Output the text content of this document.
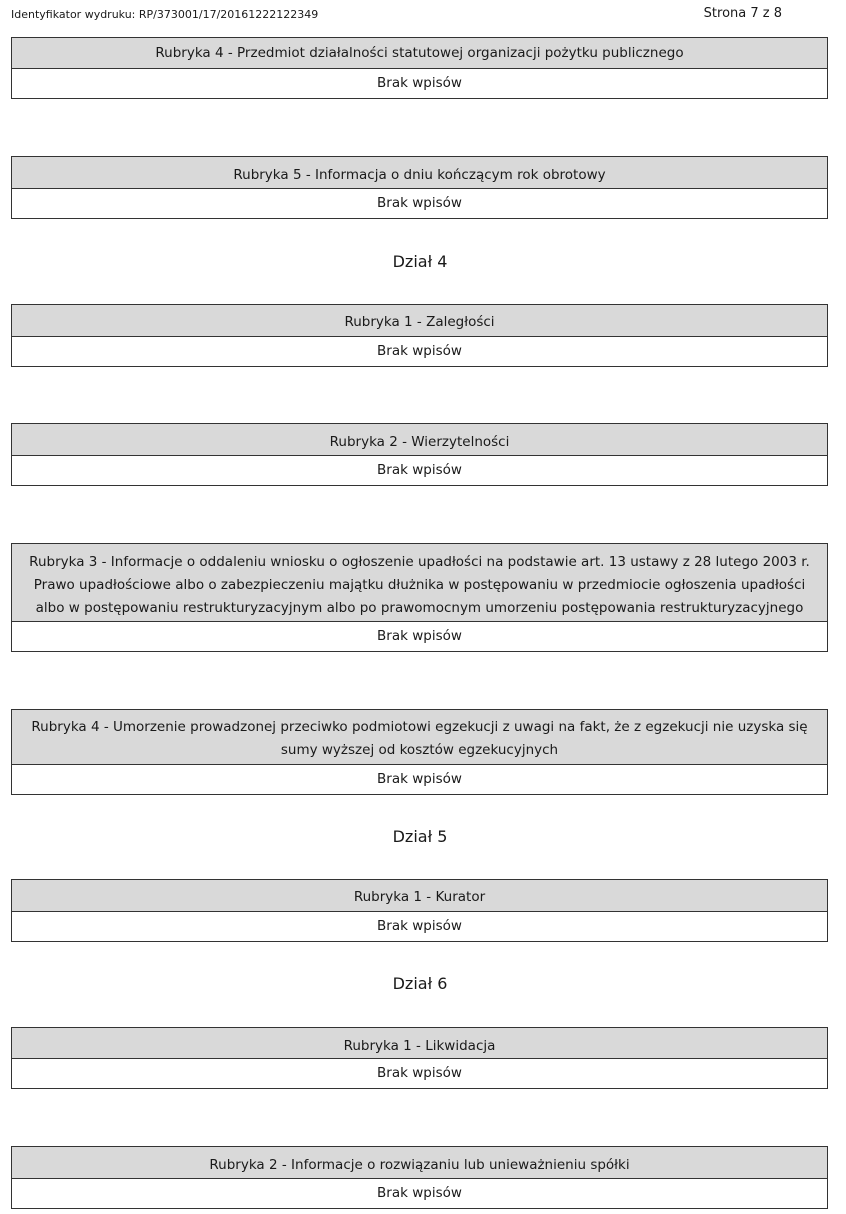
Identyfikator wydruku: RP/373001/17/20161222122349	Strona 7 z 8
Rubryka 4 - Przedmiot działalności statutowej organizacji pożytku publicznego
Brak wpisów
Rubryka 5 - Informacja o dniu kończącym rok obrotowy
Brak wpisów
Dział 4
Rubryka 1 - Zaległości
Brak wpisów
Rubryka 2 - Wierzytelności
Brak wpisów
Rubryka 3 - Informacje o oddaleniu wniosku o ogłoszenie upadłości na podstawie art. 13 ustawy z 28 lutego 2003 r. Prawo upadłościowe albo o zabezpieczeniu majątku dłużnika w postępowaniu w przedmiocie ogłoszenia upadłości albo w postępowaniu restrukturyzacyjnym albo po prawomocnym umorzeniu postępowania restrukturyzacyjnego
Brak wpisów
Rubryka 4 - Umorzenie prowadzonej przeciwko podmiotowi egzekucji z uwagi na fakt, że z egzekucji nie uzyska się sumy wyższej od kosztów egzekucyjnych
Brak wpisów
Dział 5
Rubryka 1 - Kurator
Brak wpisów
Dział 6
Rubryka 1 - Likwidacja
Brak wpisów
Rubryka 2 - Informacje o rozwiązaniu lub unieważnieniu spółki
Brak wpisów
